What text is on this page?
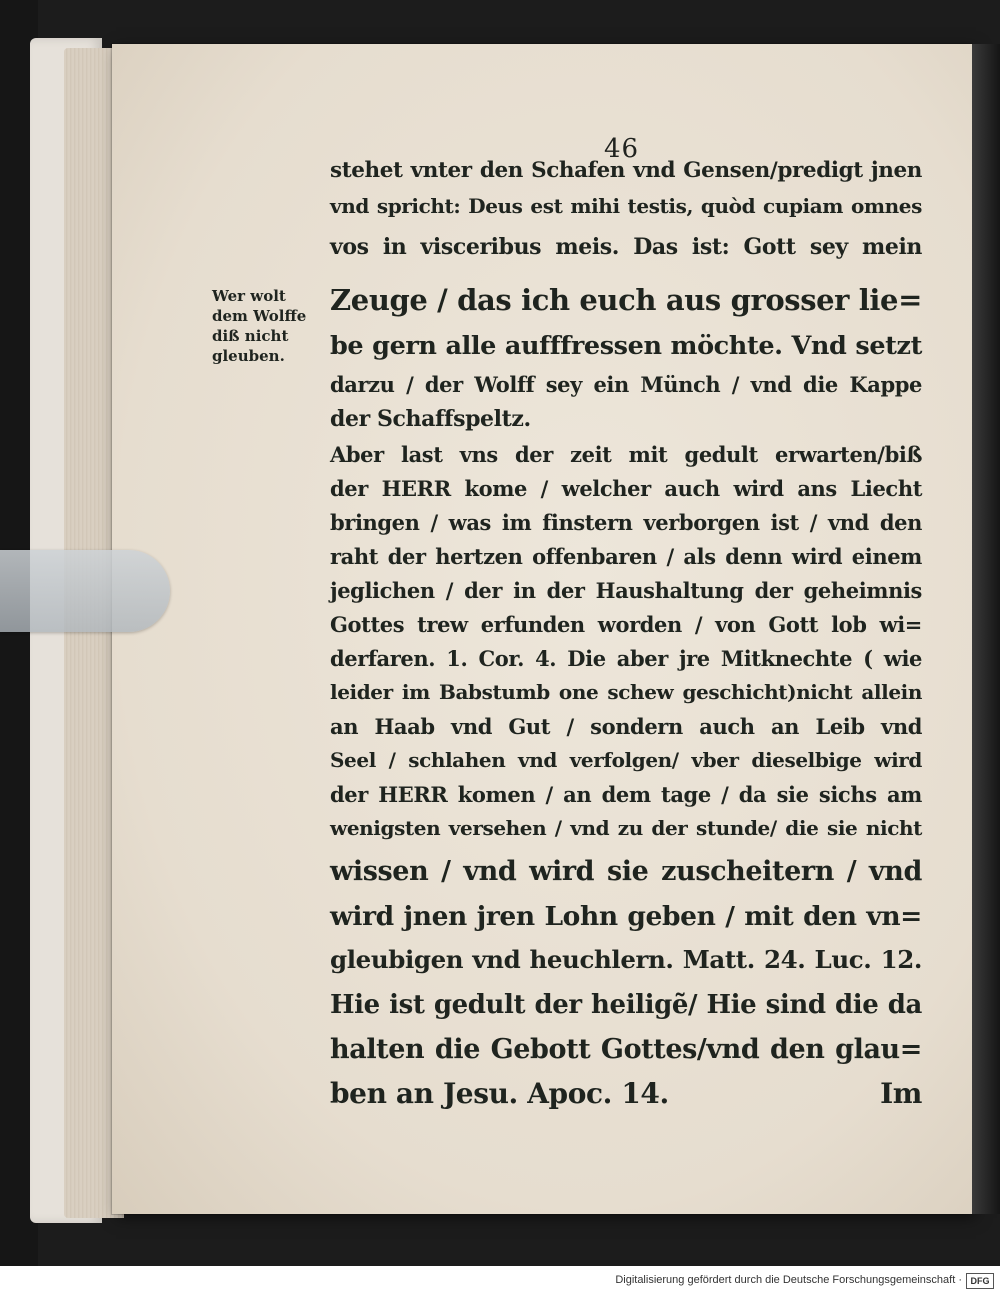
46
Wer wolt
dem Wolffe
diß nicht
gleuben.
stehet vnter den Schafen vnd Gensen/predigt jnen
vnd spricht: Deus est mihi testis, quòd cupiam omnes
vos in visceribus meis. Das ist: Gott sey mein
Zeuge / das ich euch aus grosser lie=
be gern alle aufffressen möchte. Vnd setzt
darzu / der Wolff sey ein Münch / vnd die Kappe
der Schaffspeltz.
Aber last vns der zeit mit gedult erwarten/biß
der HERR kome / welcher auch wird ans Liecht
bringen / was im finstern verborgen ist / vnd den
raht der hertzen offenbaren / als denn wird einem
jeglichen / der in der Haushaltung der geheimnis
Gottes trew erfunden worden / von Gott lob wi=
derfaren. 1. Cor. 4. Die aber jre Mitknechte ( wie
leider im Babstumb one schew geschicht)nicht allein
an Haab vnd Gut / sondern auch an Leib vnd
Seel / schlahen vnd verfolgen/ vber dieselbige wird
der HERR komen / an dem tage / da sie sichs am
wenigsten versehen / vnd zu der stunde/ die sie nicht
wissen / vnd wird sie zuscheitern / vnd
wird jnen jren Lohn geben / mit den vn=
gleubigen vnd heuchlern. Matt. 24. Luc. 12.
Hie ist gedult der heiligẽ/ Hie sind die da
halten die Gebott Gottes/vnd den glau=
ben an Jesu. Apoc. 14.	Im
Digitalisierung gefördert durch die Deutsche Forschungsgemeinschaft · DFG
